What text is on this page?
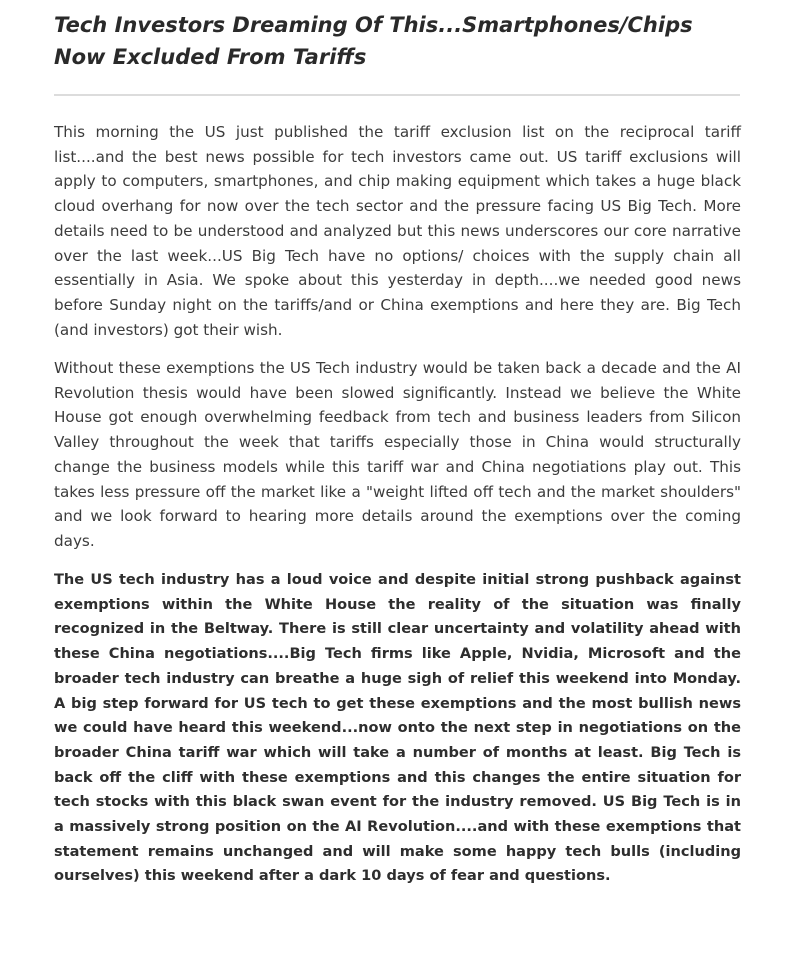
Tech Investors Dreaming Of This...Smartphones/Chips Now Excluded From Tariffs

This morning the US just published the tariff exclusion list on the reciprocal tariff list....and the best news possible for tech investors came out. US tariff exclusions will apply to computers, smartphones, and chip making equipment which takes a huge black cloud overhang for now over the tech sector and the pressure facing US Big Tech. More details need to be understood and analyzed but this news underscores our core narrative over the last week...US Big Tech have no options/ choices with the supply chain all essentially in Asia. We spoke about this yesterday in depth....we needed good news before Sunday night on the tariffs/and or China exemptions and here they are. Big Tech (and investors) got their wish.

Without these exemptions the US Tech industry would be taken back a decade and the AI Revolution thesis would have been slowed significantly. Instead we believe the White House got enough overwhelming feedback from tech and business leaders from Silicon Valley throughout the week that tariffs especially those in China would structurally change the business models while this tariff war and China negotiations play out. This takes less pressure off the market like a "weight lifted off tech and the market shoulders" and we look forward to hearing more details around the exemptions over the coming days.

The US tech industry has a loud voice and despite initial strong pushback against exemptions within the White House the reality of the situation was finally recognized in the Beltway. There is still clear uncertainty and volatility ahead with these China negotiations....Big Tech firms like Apple, Nvidia, Microsoft and the broader tech industry can breathe a huge sigh of relief this weekend into Monday. A big step forward for US tech to get these exemptions and the most bullish news we could have heard this weekend...now onto the next step in negotiations on the broader China tariff war which will take a number of months at least. Big Tech is back off the cliff with these exemptions and this changes the entire situation for tech stocks with this black swan event for the industry removed. US Big Tech is in a massively strong position on the AI Revolution....and with these exemptions that statement remains unchanged and will make some happy tech bulls (including ourselves) this weekend after a dark 10 days of fear and questions.
